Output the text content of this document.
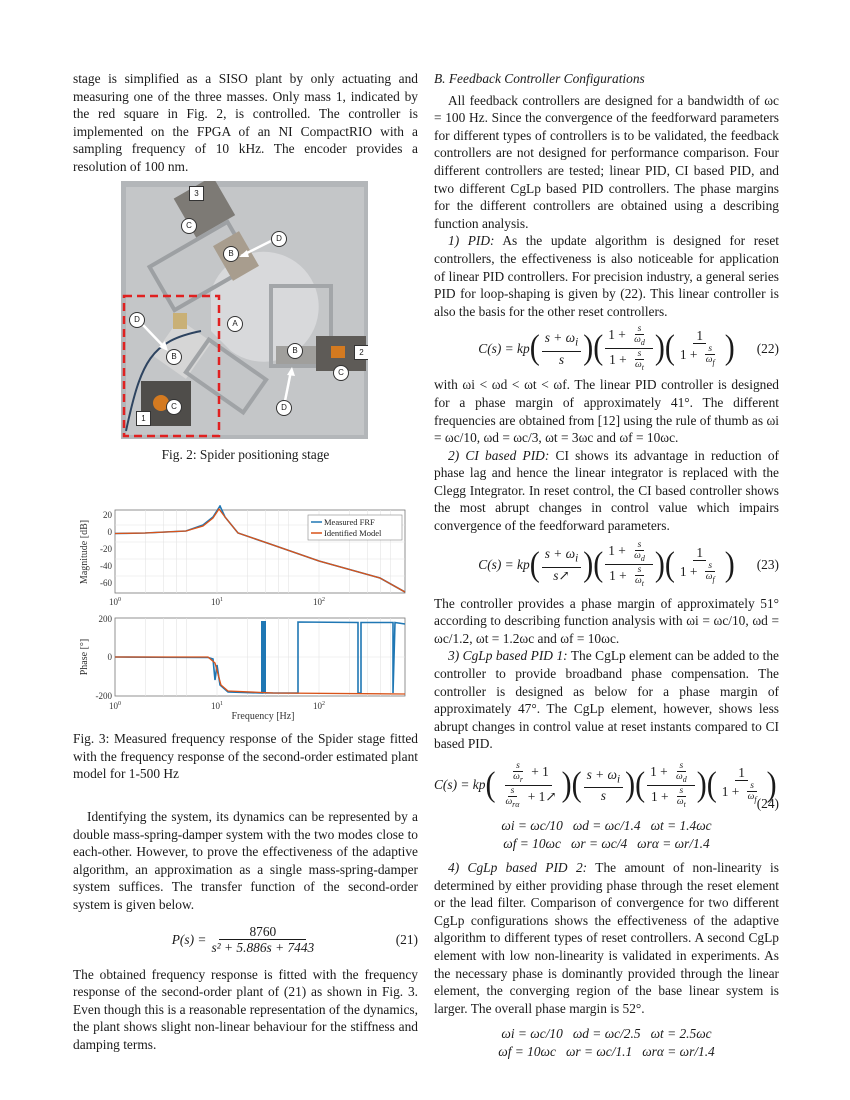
stage is simplified as a SISO plant by only actuating and measuring one of the three masses. Only mass 1, indicated by the red square in Fig. 2, is controlled. The controller is implemented on the FPGA of an NI CompactRIO with a sampling frequency of 10 kHz. The encoder provides a resolution of 100 nm.

3
C
D
B
D	A
B
B	2
C
C	D
1
Fig. 2: Spider positioning stage
20
0
-20
-40
-60
Magnitude [dB]
$10^0$	$10^1$	$10^2$
Measured FRF
Identified Model
200
0
-200
Phase [°]
$10^0$	$10^1$	$10^2$
Frequency [Hz]

Fig. 3: Measured frequency response of the Spider stage fitted with the frequency response of the second-order estimated plant model for 1-500 Hz

Identifying the system, its dynamics can be represented by a double mass-spring-damper system with the two modes close to each-other. However, to prove the effectiveness of the adaptive algorithm, an approximation as a single mass-spring-damper system suffices. The transfer function of the second-order system is given below.

$P(s) = \frac{8760}{\text{s² + 5.886s + 7443}}$	(21)

The obtained frequency response is fitted with the frequency response of the second-order plant of (21) as shown in Fig. 3. Even though this is a reasonable representation of the dynamics, the plant shows slight non-linear behaviour for the stiffness and damping terms.

B. Feedback Controller Configurations

All feedback controllers are designed for a bandwidth of ωc = 100 Hz. Since the convergence of the feedforward parameters for different types of controllers is to be validated, the feedback controllers are not designed for performance comparison. Four different controllers are tested; linear PID, CI based PID, and two different CgLp based PID controllers. The phase margins for the different controllers are obtained using a describing function analysis.

1) PID: As the update algorithm is designed for reset controllers, the effectiveness is also noticeable for application of linear PID controllers. For precision industry, a general series PID for loop-shaping is given by (22). This linear controller is also the basis for the other reset controllers.

C(s) = kp ( $\frac{s + \omega_i}{s}$ ) ( $\frac{1 + \frac{s}{\omega_d}}{1 + \frac{s}{\omega_t}}$ ) ( $\frac{1}{1 + \frac{s}{\omega_f}}$ ) (22)

with ωi < ωd < ωt < ωf. The linear PID controller is designed for a phase margin of approximately 41°. The different frequencies are obtained from [12] using the rule of thumb as ωi = ωc/10, ωd = ωc/3, ωt = 3ωc and ωf = 10ωc.

2) CI based PID: CI shows its advantage in reduction of phase lag and hence the linear integrator is replaced with the Clegg Integrator. In reset control, the CI based controller shows the most abrupt changes in control value which impairs convergence of the feedforward parameters.

C(s) = kp ( $\frac{s + \omega_i}{s↗}$ ) ( $\frac{1 + \frac{s}{\omega_d}}{1 + \frac{s}{\omega_t}}$ ) ( $\frac{1}{1 + \frac{s}{\omega_f}}$ ) (23)

The controller provides a phase margin of approximately 51° according to describing function analysis with ωi = ωc/10, ωd = ωc/1.2, ωt = 1.2ωc and ωf = 10ωc.

3) CgLp based PID 1: The CgLp element can be added to the controller to provide broadband phase compensation. The controller is designed as below for a phase margin of approximately 47°. The CgLp element, however, shows less abrupt changes in control value at reset instants compared to CI based PID.

C(s) = kp ( $\frac{\frac{s}{\omega_r} + 1}{\frac{s}{\omega_{r\alpha}} + 1↗}$ ) ( $\frac{s + \omega_i}{s}$ ) ( $\frac{1 + \frac{s}{\omega_d}}{1 + \frac{s}{\omega_t}}$ ) ( $\frac{1}{1 + \frac{s}{\omega_f}}$ )
(24)
ωi = ωc/10 ωd = ωc/1.4 ωt = 1.4ωc
ωf = 10ωc ωr = ωc/4 ωrα = ωr/1.4

4) CgLp based PID 2: The amount of non-linearity is determined by either providing phase through the reset element or the lead filter. Comparison of convergence for two different CgLp configurations shows the effectiveness of the adaptive algorithm to different types of reset controllers. A second CgLp element with low non-linearity is validated in experiments. As the necessary phase is dominantly provided through the linear element, the converging region of the base linear system is larger. The overall phase margin is 52°.

ωi = ωc/10 ωd = ωc/2.5 ωt = 2.5ωc
ωf = 10ωc ωr = ωc/1.1 ωrα = ωr/1.4
